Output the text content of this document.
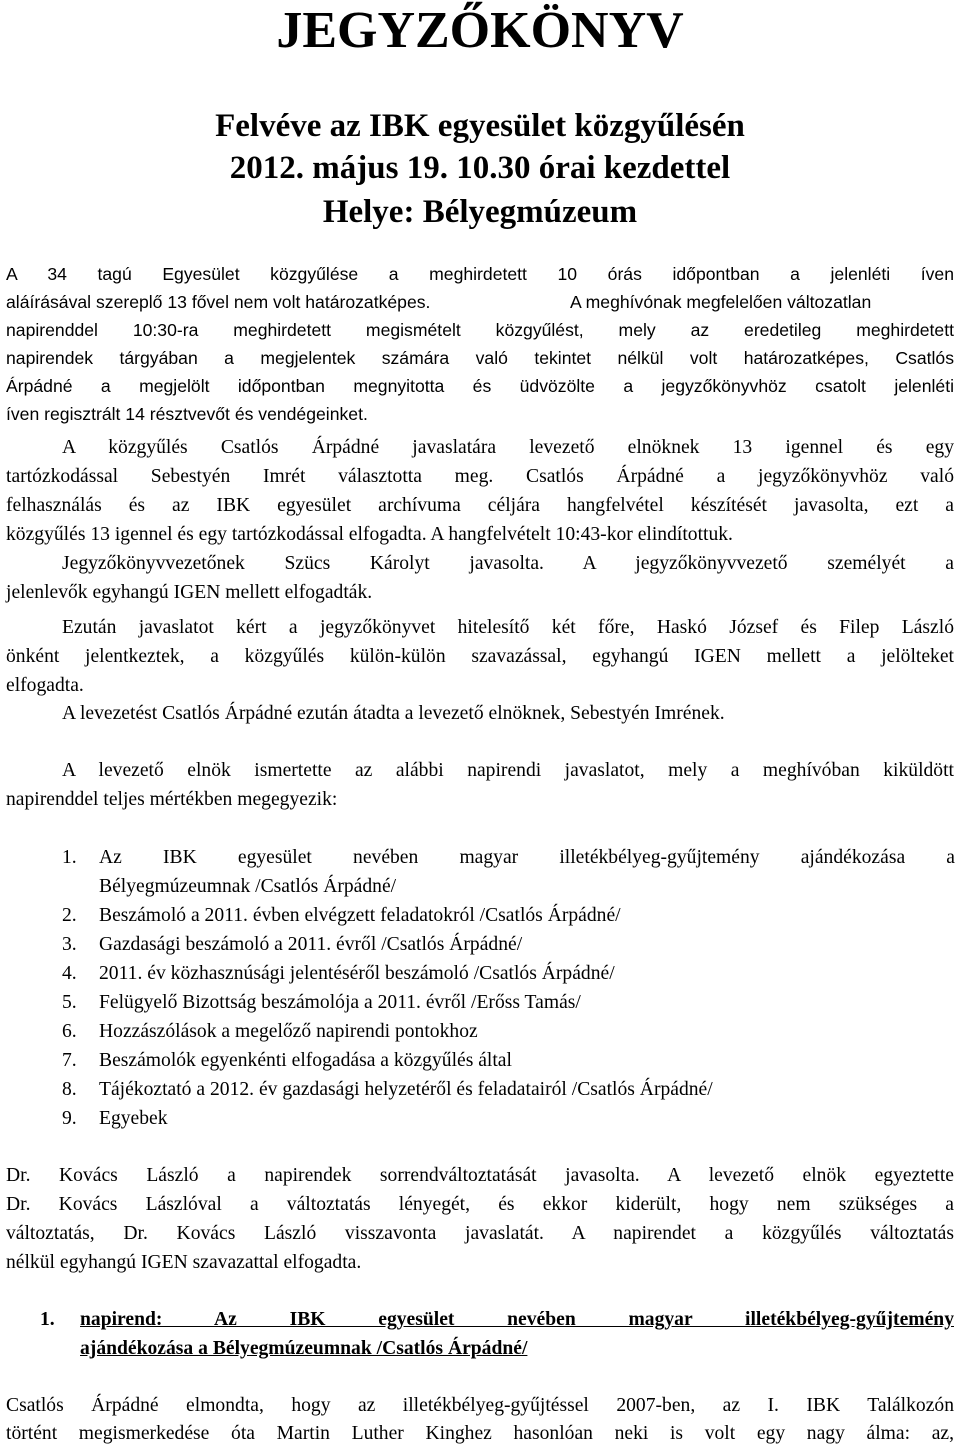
JEGYZŐKÖNYV
Felvéve az IBK egyesület közgyűlésén
2012. május 19. 10.30 órai kezdettel
Helye: Bélyegmúzeum
A 34 tagú Egyesület közgyűlése a meghirdetett 10 órás időpontban a jelenléti íven
aláírásával szereplő 13 fővel nem volt határozatképes.	A meghívónak megfelelően változatlan
napirenddel 10:30-ra meghirdetett megismételt közgyűlést, mely az eredetileg meghirdetett
napirendek tárgyában a megjelentek számára való tekintet nélkül volt határozatképes, Csatlós
Árpádné a megjelölt időpontban megnyitotta és üdvözölte a jegyzőkönyvhöz csatolt jelenléti
íven regisztrált 14 résztvevőt és vendégeinket.
A közgyűlés Csatlós Árpádné javaslatára levezető elnöknek 13 igennel és egy
tartózkodással Sebestyén Imrét választotta meg. Csatlós Árpádné a jegyzőkönyvhöz való
felhasználás és az IBK egyesület archívuma céljára hangfelvétel készítését javasolta, ezt a
közgyűlés 13 igennel és egy tartózkodással elfogadta. A hangfelvételt 10:43-kor elindítottuk.
Jegyzőkönyvvezetőnek Szücs Károlyt javasolta. A jegyzőkönyvvezető személyét a
jelenlevők egyhangú IGEN mellett elfogadták.
Ezután javaslatot kért a jegyzőkönyvet hitelesítő két főre, Haskó József és Filep László
önként jelentkeztek, a közgyűlés külön-külön szavazással, egyhangú IGEN mellett a jelölteket
elfogadta.
A levezetést Csatlós Árpádné ezután átadta a levezető elnöknek, Sebestyén Imrének.
A levezető elnök ismertette az alábbi napirendi javaslatot, mely a meghívóban kiküldött
napirenddel teljes mértékben megegyezik:
1. Az IBK egyesület nevében magyar illetékbélyeg-gyűjtemény ajándékozása a
Bélyegmúzeumnak /Csatlós Árpádné/
2. Beszámoló a 2011. évben elvégzett feladatokról /Csatlós Árpádné/
3. Gazdasági beszámoló a 2011. évről /Csatlós Árpádné/
4. 2011. év közhasznúsági jelentéséről beszámoló /Csatlós Árpádné/
5. Felügyelő Bizottság beszámolója a 2011. évről /Erőss Tamás/
6. Hozzászólások a megelőző napirendi pontokhoz
7. Beszámolók egyenkénti elfogadása a közgyűlés által
8. Tájékoztató a 2012. év gazdasági helyzetéről és feladatairól /Csatlós Árpádné/
9. Egyebek
Dr. Kovács László a napirendek sorrendváltoztatását javasolta. A levezető elnök egyeztette
Dr. Kovács Lászlóval a változtatás lényegét, és ekkor kiderült, hogy nem szükséges a
változtatás, Dr. Kovács László visszavonta javaslatát. A napirendet a közgyűlés változtatás
nélkül egyhangú IGEN szavazattal elfogadta.
1. napirend: Az IBK egyesület nevében magyar illetékbélyeg-gyűjtemény
ajándékozása a Bélyegmúzeumnak /Csatlós Árpádné/
Csatlós Árpádné elmondta, hogy az illetékbélyeg-gyűjtéssel 2007-ben, az I. IBK Találkozón
történt megismerkedése óta Martin Luther Kinghez hasonlóan neki is volt egy nagy álma: az,
